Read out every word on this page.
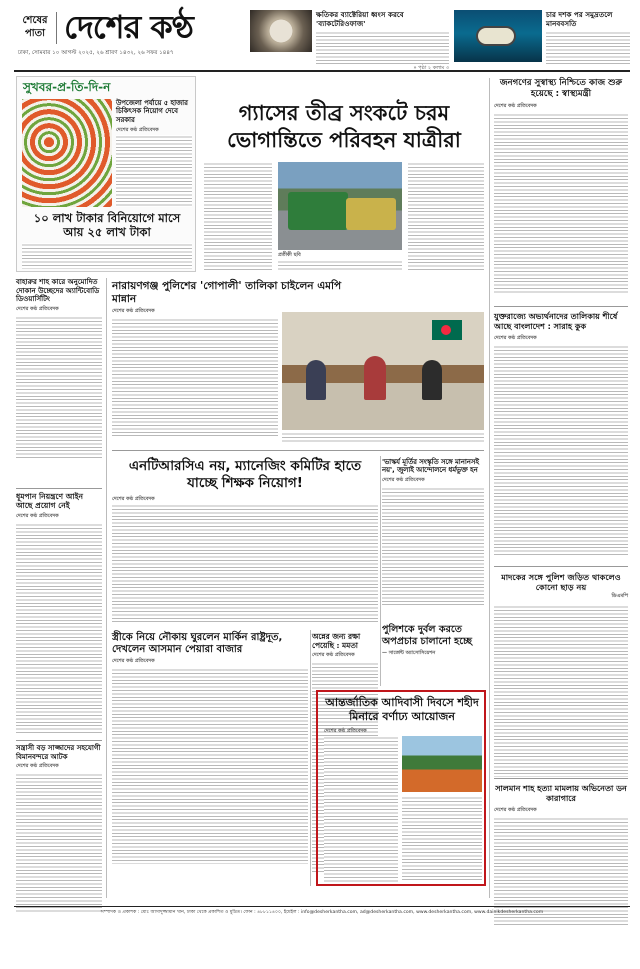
শেষের পাতা দেশের কণ্ঠ
ঢাকা, সোমবার ১০ আগস্ট ২০২৫, ২৬ শ্রাবণ ১৪৩২, ২৬ সফর ১৪৪৭
ক্ষতিকর ব্যাক্টেরিয়া ধ্বংস করবে 'ব্যাকটেরিওফাজ'
» পৃষ্ঠা ২ কলাম ৩
চার দশক পর সমুদ্রতলে মানববসতি
সুখবর-প্র-তি-দি-ন
উপজেলা পর্যায়ে ৫ হাজার চিকিৎসক নিয়োগ দেবে সরকার
দেশের কণ্ঠ প্রতিবেদক
১০ লাখ টাকার বিনিয়োগে মাসে আয় ২৫ লাখ টাকা
বাহারুর শাহ কারে অনুমোদিত দোকান উচ্ছেদের অ্যান্টিবোডি ডিওয়ার্সিটিং
দেশের কণ্ঠ প্রতিবেদক
ধূমপান নিয়ন্ত্রণে আইন আছে প্রয়োগ নেই
দেশের কণ্ঠ প্রতিবেদক
সন্ত্রাসী বড় সাজ্জাদের সহযোগী বিমানবন্দরে আটক
দেশের কণ্ঠ প্রতিবেদক
গ্যাসের তীব্র সংকটে চরম ভোগান্তিতে পরিবহন যাত্রীরা
প্রতীকী ছবি
জনগণের সুস্বাস্থ্য নিশ্চিতে কাজ শুরু হয়েছে : স্বাস্থ্যমন্ত্রী
দেশের কণ্ঠ প্রতিবেদক
যুক্তরাজ্যে অভ্যর্থনাদের তালিকায় শীর্ষে আছে বাংলাদেশ : সারাহ কুক
দেশের কণ্ঠ প্রতিবেদক
মাদকের সঙ্গে পুলিশ জড়িত থাকলেও কোনো ছাড় নয়
ডিএমপি
সালমান শাহ হত্যা মামলায় অভিনেতা ডন কারাগারে
দেশের কণ্ঠ প্রতিবেদক
নারায়ণগঞ্জ পুলিশের 'গোপালী' তালিকা চাইলেন এমপি মান্নান
দেশের কণ্ঠ প্রতিবেদক
এনটিআরসিএ নয়, ম্যানেজিং কমিটির হাতে যাচ্ছে শিক্ষক নিয়োগ!
দেশের কণ্ঠ প্রতিবেদক
'ভাস্কর্য মূর্তির সংস্কৃতি সঙ্গে মানানসই নয়', জুলাই আন্দোলনে ধর্মভুক্ত হন
দেশের কণ্ঠ প্রতিবেদক
পুলিশকে দুর্বল করতে অপপ্রচার চালানো হচ্ছে
— সার্জেন্ট অ্যাসোসিয়েশন
স্ত্রীকে নিয়ে নৌকায় ঘুরলেন মার্কিন রাষ্ট্রদূত, দেখলেন আসমান পেয়ারা বাজার
দেশের কণ্ঠ প্রতিবেদক
অন্নের জন্য রক্ষা পেয়েছি : মমতা
দেশের কণ্ঠ প্রতিবেদক
আন্তর্জাতিক আদিবাসী দিবসে শহীদ মিনারে বর্ণাঢ্য আয়োজন
দেশের কণ্ঠ প্রতিবেদক
সম্পাদক ও প্রকাশক : মোঃ আসাদুজ্জামান খান, ঢাকা থেকে প্রকাশিত ও মুদ্রিত। ফোন : ৪৮৮১১৪০০, ইমেইল : info@desherkantha.com, ad@desherkantha.com, www.desherkantha.com, www.dainikdesherkantha.com
